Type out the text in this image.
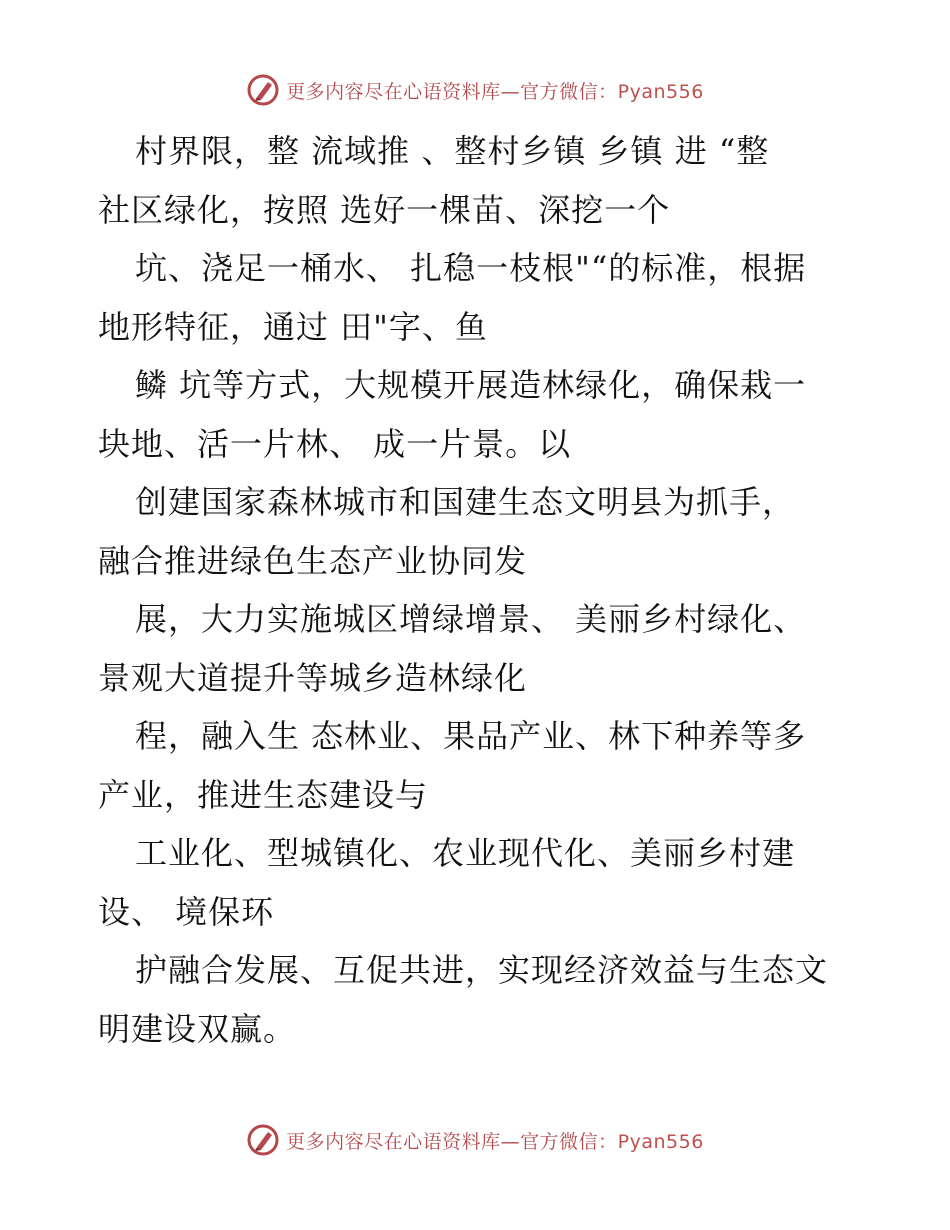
更多内容尽在心语资料库—官方微信：Pyan556
村界限，整 流域推 、整村乡镇 乡镇 进 “整
社区绿化，按照 选好一棵苗、深挖一个
坑、浇足一桶水、 扎稳一枝根"“的标准，根据
地形特征，通过 田"字、鱼
鳞 坑等方式，大规模开展造林绿化，确保栽一
块地、活一片林、 成一片景。以
创建国家森林城市和国建生态文明县为抓手，
融合推进绿色生态产业协同发
展，大力实施城区增绿增景、 美丽乡村绿化、
景观大道提升等城乡造林绿化
程，融入生 态林业、果品产业、林下种养等多
产业，推进生态建设与
工业化、型城镇化、农业现代化、美丽乡村建
设、 境保环
护融合发展、互促共进，实现经济效益与生态文
明建设双赢。
更多内容尽在心语资料库—官方微信：Pyan556
